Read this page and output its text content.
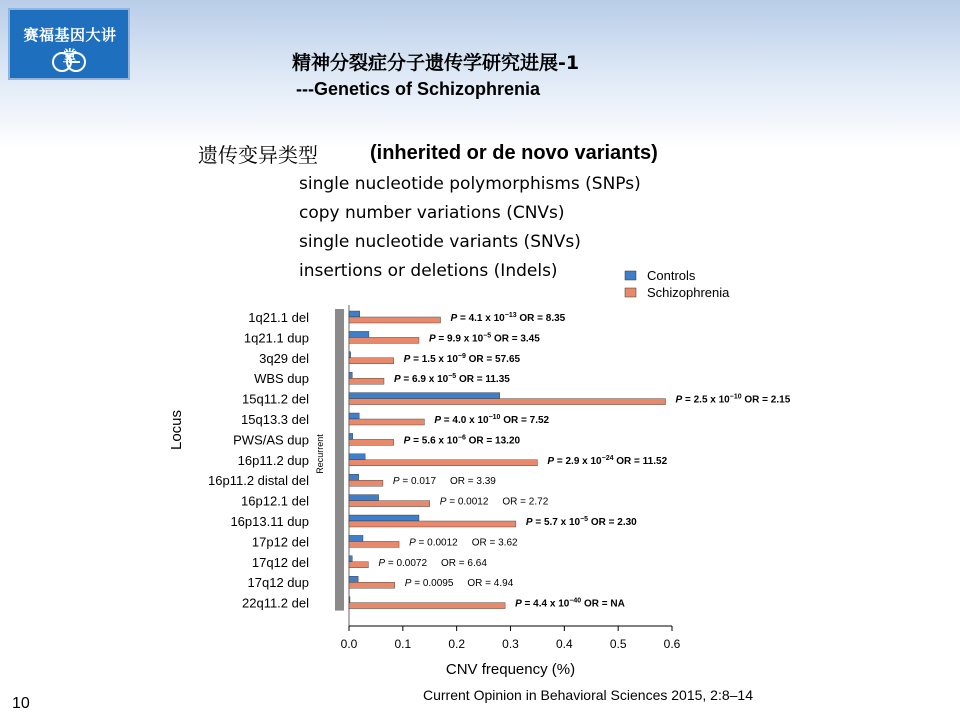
赛福基因大讲堂	精神分裂症分子遗传学研究进展-1
---Genetics of Schizophrenia
遗传变异类型	(inherited or de novo variants)
single nucleotide polymorphisms (SNPs)
copy number variations (CNVs)
single nucleotide variants (SNVs)
insertions or deletions (Indels)
Recurrent
Locus
0.0	0.1	0.2	0.3	0.4	0.5	0.6
CNV frequency (%)
Controls
Schizophrenia
1q21.1 del	P = 4.1 x $10^{-13}$ OR = 8.35
1q21.1 dup	P = 9.9 x $10^{-5}$ OR = 3.45
3q29 del	P = 1.5 x $10^{-9}$ OR = 57.65
WBS dup	P = 6.9 x $10^{-5}$ OR = 11.35
15q11.2 del	P = 2.5 x $10^{-10}$ OR = 2.15
15q13.3 del	P = 4.0 x $10^{-10}$ OR = 7.52
PWS/AS dup	P = 5.6 x $10^{-6}$ OR = 13.20
16p11.2 dup	P = 2.9 x $10^{-24}$ OR = 11.52
16p11.2 distal del	P = 0.017 OR = 3.39
16p12.1 del	P = 0.0012 OR = 2.72
16p13.11 dup	P = 5.7 x $10^{-5}$ OR = 2.30
17p12 del	P = 0.0012 OR = 3.62
17q12 del	P = 0.0072 OR = 6.64
17q12 dup	P = 0.0095 OR = 4.94
22q11.2 del	P = 4.4 x $10^{-40}$ OR = NA
Current Opinion in Behavioral Sciences 2015, 2:8–14
10
